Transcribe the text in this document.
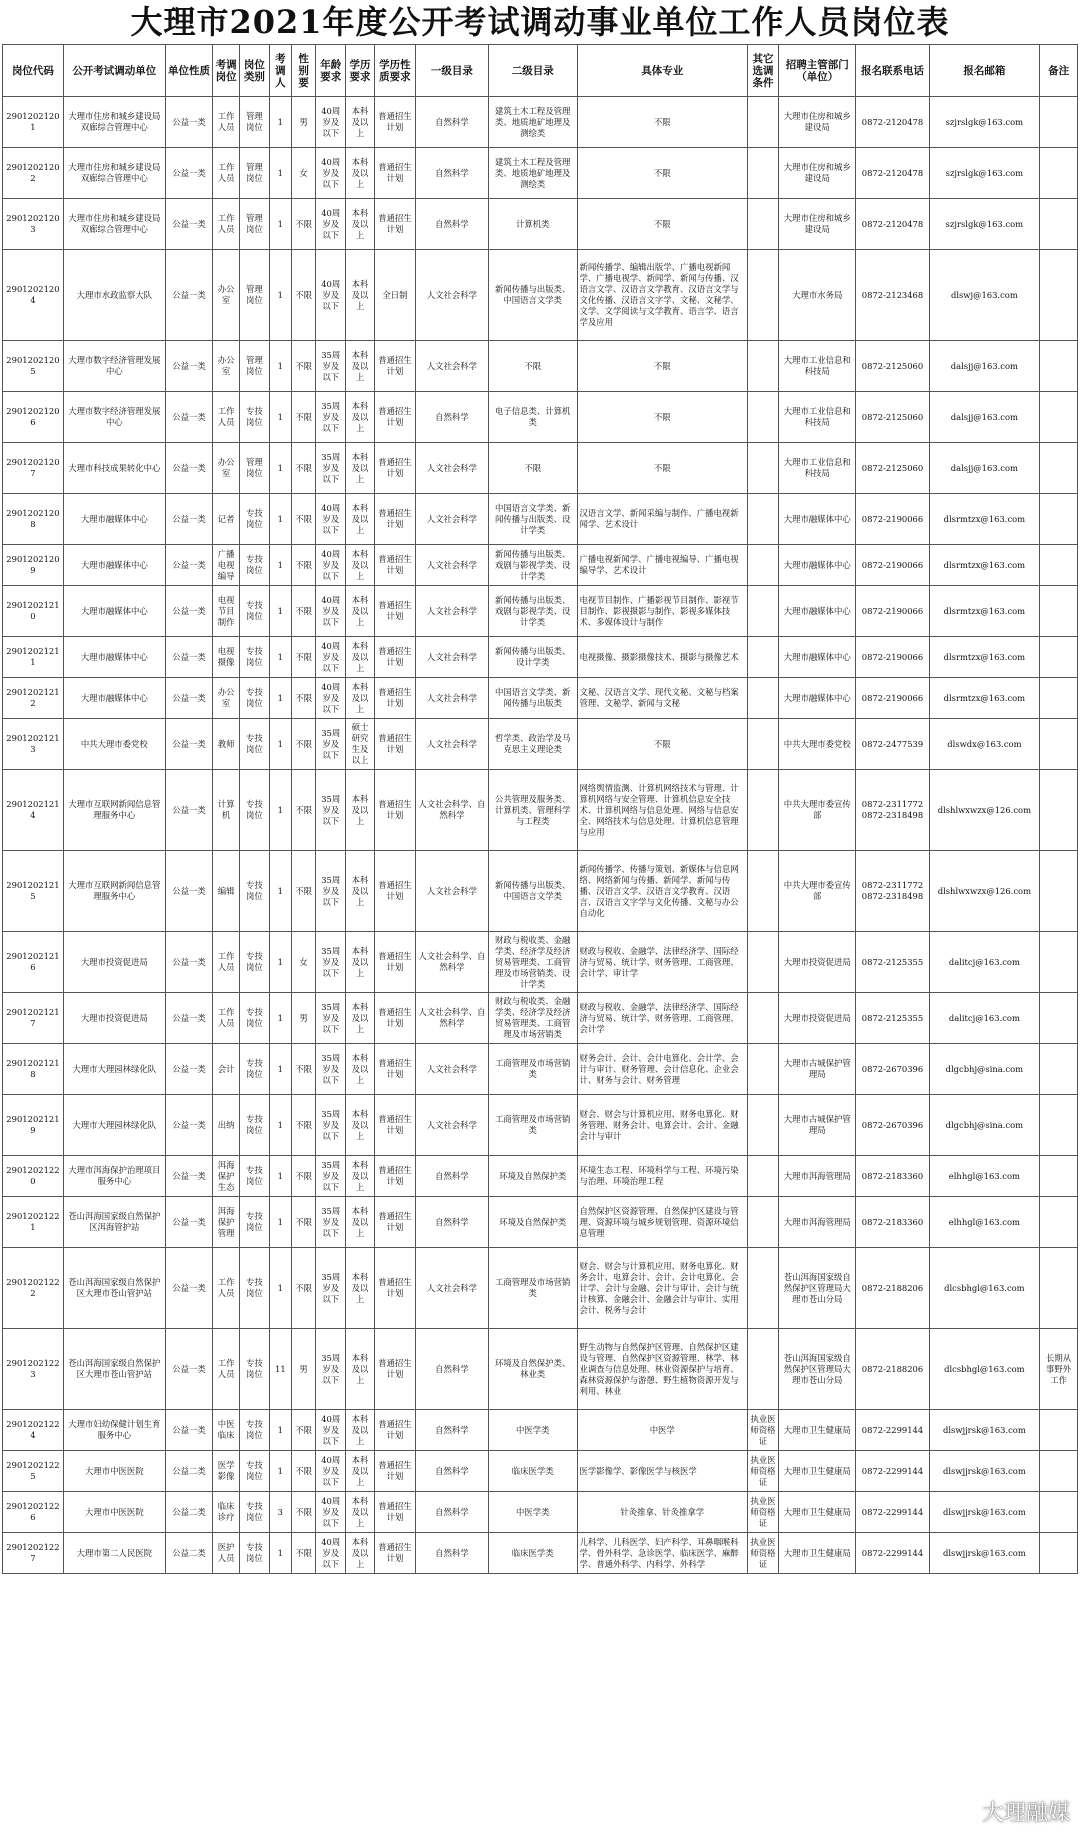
大理市2021年度公开考试调动事业单位工作人员岗位表
岗位代码	公开考试调动单位	单位性质	考调岗位	岗位类别	考调人	性别要	年龄要求	学历要求	学历性质要求	一级目录	二级目录	具体专业	其它选调条件	招聘主管部门（单位）	报名联系电话	报名邮箱	备注
29012021201	大理市住房和城乡建设局双廊综合管理中心	公益一类	工作人员	管理岗位	1	男	40周岁及以下	本科及以上	普通招生计划	自然科学	建筑土木工程及管理类、地质地矿地理及测绘类	不限		大理市住房和城乡建设局	0872-2120478	szjrslgk@163.com	
29012021202	大理市住房和城乡建设局双廊综合管理中心	公益一类	工作人员	管理岗位	1	女	40周岁及以下	本科及以上	普通招生计划	自然科学	建筑土木工程及管理类、地质地矿地理及测绘类	不限		大理市住房和城乡建设局	0872-2120478	szjrslgk@163.com	
29012021203	大理市住房和城乡建设局双廊综合管理中心	公益一类	工作人员	管理岗位	1	不限	40周岁及以下	本科及以上	普通招生计划	自然科学	计算机类	不限		大理市住房和城乡建设局	0872-2120478	szjrslgk@163.com	
29012021204	大理市水政监察大队	公益一类	办公室	管理岗位	1	不限	40周岁及以下	本科及以上	全日制	人文社会科学	新闻传播与出版类、中国语言文学类	新闻传播学、编辑出版学、广播电视新闻学、广播电视学、新闻学、新闻与传播、汉语言文学、汉语言文学教育、汉语言文学与文化传播、汉语言文字学、文秘、文秘学、文学、文学阅读与文学教育、语言学、语言学及应用		大理市水务局	0872-2123468	dlswj@163.com	
29012021205	大理市数字经济管理发展中心	公益一类	办公室	管理岗位	1	不限	35周岁及以下	本科及以上	普通招生计划	人文社会科学	不限	不限		大理市工业信息和科技局	0872-2125060	dalsjj@163.com	
29012021206	大理市数字经济管理发展中心	公益一类	工作人员	专技岗位	1	不限	35周岁及以下	本科及以上	普通招生计划	自然科学	电子信息类、计算机类	不限		大理市工业信息和科技局	0872-2125060	dalsjj@163.com	
29012021207	大理市科技成果转化中心	公益一类	办公室	管理岗位	1	不限	35周岁及以下	本科及以上	普通招生计划	人文社会科学	不限	不限		大理市工业信息和科技局	0872-2125060	dalsjj@163.com	
29012021208	大理市融媒体中心	公益一类	记者	专技岗位	1	不限	40周岁及以下	本科及以上	普通招生计划	人文社会科学	中国语言文学类、新闻传播与出版类、设计学类	汉语言文学、新闻采编与制作、广播电视新闻学、艺术设计		大理市融媒体中心	0872-2190066	dlsrmtzx@163.com	
29012021209	大理市融媒体中心	公益一类	广播电视编导	专技岗位	1	不限	40周岁及以下	本科及以上	普通招生计划	人文社会科学	新闻传播与出版类、戏剧与影视学类、设计学类	广播电视新闻学、广播电视编导、广播电视编导学、艺术设计		大理市融媒体中心	0872-2190066	dlsrmtzx@163.com	
29012021210	大理市融媒体中心	公益一类	电视节目制作	专技岗位	1	不限	40周岁及以下	本科及以上	普通招生计划	人文社会科学	新闻传播与出版类、戏剧与影视学类、设计学类	电视节目制作、广播影视节目制作、影视节目制作、影视摄影与制作、影视多媒体技术、多媒体设计与制作		大理市融媒体中心	0872-2190066	dlsrmtzx@163.com	
29012021211	大理市融媒体中心	公益一类	电视摄像	专技岗位	1	不限	40周岁及以下	本科及以上	普通招生计划	人文社会科学	新闻传播与出版类、设计学类	电视摄像、摄影摄像技术、摄影与摄像艺术		大理市融媒体中心	0872-2190066	dlsrmtzx@163.com	
29012021212	大理市融媒体中心	公益一类	办公室	专技岗位	1	不限	40周岁及以下	本科及以上	普通招生计划	人文社会科学	中国语言文学类、新闻传播与出版类	文秘、汉语言文学、现代文秘、文秘与档案管理、文秘学、新闻与文秘		大理市融媒体中心	0872-2190066	dlsrmtzx@163.com	
29012021213	中共大理市委党校	公益一类	教师	专技岗位	1	不限	35周岁及以下	硕士研究生及以上	普通招生计划	人文社会科学	哲学类、政治学及马克思主义理论类	不限		中共大理市委党校	0872-2477539	dlswdx@163.com	
29012021214	大理市互联网新闻信息管理服务中心	公益一类	计算机	专技岗位	1	不限	35周岁及以下	本科及以上	普通招生计划	人文社会科学、自然科学	公共管理及服务类、计算机类、管理科学与工程类	网络舆情监测、计算机网络技术与管理、计算机网络与安全管理、计算机信息安全技术、计算机网络与信息处理、网络与信息安全、网络技术与信息处理、计算机信息管理与应用		中共大理市委宣传部	0872-2311772 0872-2318498	dlshlwxwzx@126.com	
29012021215	大理市互联网新闻信息管理服务中心	公益一类	编辑	专技岗位	1	不限	35周岁及以下	本科及以上	普通招生计划	人文社会科学	新闻传播与出版类、中国语言文学类	新闻传播学、传播与策划、新媒体与信息网络、网络新闻与传播、新闻学、新闻与传播、汉语言文学、汉语言文学教育、汉语言、汉语言文字学与文化传播、文秘与办公自动化		中共大理市委宣传部	0872-2311772 0872-2318498	dlshlwxwzx@126.com	
29012021216	大理市投资促进局	公益一类	工作人员	专技岗位	1	女	35周岁及以下	本科及以上	普通招生计划	人文社会科学、自然科学	财政与税收类、金融学类、经济学及经济贸易管理类、工商管理及市场营销类、设计学类	财政与税收、金融学、法律经济学、国际经济与贸易、统计学、财务管理、工商管理、会计学、审计学		大理市投资促进局	0872-2125355	dalitcj@163.com	
29012021217	大理市投资促进局	公益一类	工作人员	专技岗位	1	男	35周岁及以下	本科及以上	普通招生计划	人文社会科学、自然科学	财政与税收类、金融学类、经济学及经济贸易管理类、工商管理及市场营销类	财政与税收、金融学、法律经济学、国际经济与贸易、统计学、财务管理、工商管理、会计学		大理市投资促进局	0872-2125355	dalitcj@163.com	
29012021218	大理市大理园林绿化队	公益一类	会计	专技岗位	1	不限	35周岁及以下	本科及以上	普通招生计划	人文社会科学	工商管理及市场营销类	财务会计、会计、会计电算化、会计学、会计与审计、财务管理、会计信息化、企业会计、财务与会计、财务管理		大理市古城保护管理局	0872-2670396	dlgcbhj@sina.com	
29012021219	大理市大理园林绿化队	公益一类	出纳	专技岗位	1	不限	35周岁及以下	本科及以上	普通招生计划	人文社会科学	工商管理及市场营销类	财会、财会与计算机应用、财务电算化、财务管理、财务会计、电算会计、会计、金融会计与审计		大理市古城保护管理局	0872-2670396	dlgcbhj@sina.com	
29012021220	大理市洱海保护治理项目服务中心	公益一类	洱海保护生态	专技岗位	1	不限	35周岁及以下	本科及以上	普通招生计划	自然科学	环境及自然保护类	环境生态工程、环境科学与工程、环境污染与治理、环境治理工程		大理市洱海管理局	0872-2183360	elhhgl@163.com	
29012021221	苍山洱海国家级自然保护区洱海管护站	公益一类	洱海保护管理	专技岗位	1	不限	35周岁及以下	本科及以上	普通招生计划	自然科学	环境及自然保护类	自然保护区资源管理、自然保护区建设与管理、资源环境与城乡规划管理、资源环境信息管理		大理市洱海管理局	0872-2183360	elhhgl@163.com	
29012021222	苍山洱海国家级自然保护区大理市苍山管护站	公益一类	工作人员	专技岗位	1	不限	35周岁及以下	本科及以上	普通招生计划	人文社会科学	工商管理及市场营销类	财会、财会与计算机应用、财务电算化、财务会计、电算会计、会计、会计电算化、会计学、会计与金融、会计与审计、会计与统计核算、金融会计、金融会计与审计、实用会计、税务与会计		苍山洱海国家级自然保护区管理局大理市苍山分局	0872-2188206	dlcsbhgl@163.com	
29012021223	苍山洱海国家级自然保护区大理市苍山管护站	公益一类	工作人员	专技岗位	11	男	35周岁及以下	本科及以上	普通招生计划	自然科学	环境及自然保护类、林业类	野生动物与自然保护区管理、自然保护区建设与管理、自然保护区资源管理、林学、林业调查与信息处理、林业资源保护与培育、森林资源保护与游憩、野生植物资源开发与利用、林业		苍山洱海国家级自然保护区管理局大理市苍山分局	0872-2188206	dlcsbhgl@163.com	长期从事野外工作
29012021224	大理市妇幼保健计划生育服务中心	公益一类	中医临床	专技岗位	1	不限	40周岁及以下	本科及以上	普通招生计划	自然科学	中医学类	中医学	执业医师资格证	大理市卫生健康局	0872-2299144	dlswjjrsk@163.com	
29012021225	大理市中医医院	公益二类	医学影像	专技岗位	1	不限	40周岁及以下	本科及以上	普通招生计划	自然科学	临床医学类	医学影像学、影像医学与核医学	执业医师资格证	大理市卫生健康局	0872-2299144	dlswjjrsk@163.com	
29012021226	大理市中医医院	公益二类	临床诊疗	专技岗位	3	不限	40周岁及以下	本科及以上	普通招生计划	自然科学	中医学类	针灸推拿、针灸推拿学	执业医师资格证	大理市卫生健康局	0872-2299144	dlswjjrsk@163.com	
29012021227	大理市第二人民医院	公益二类	医护人员	专技岗位	1	不限	40周岁及以下	本科及以上	普通招生计划	自然科学	临床医学类	儿科学、儿科医学、妇产科学、耳鼻咽喉科学、骨外科学、急诊医学、临床医学、麻醉学、普通外科学、内科学、外科学	执业医师资格证	大理市卫生健康局	0872-2299144	dlswjjrsk@163.com	
大理融媒
